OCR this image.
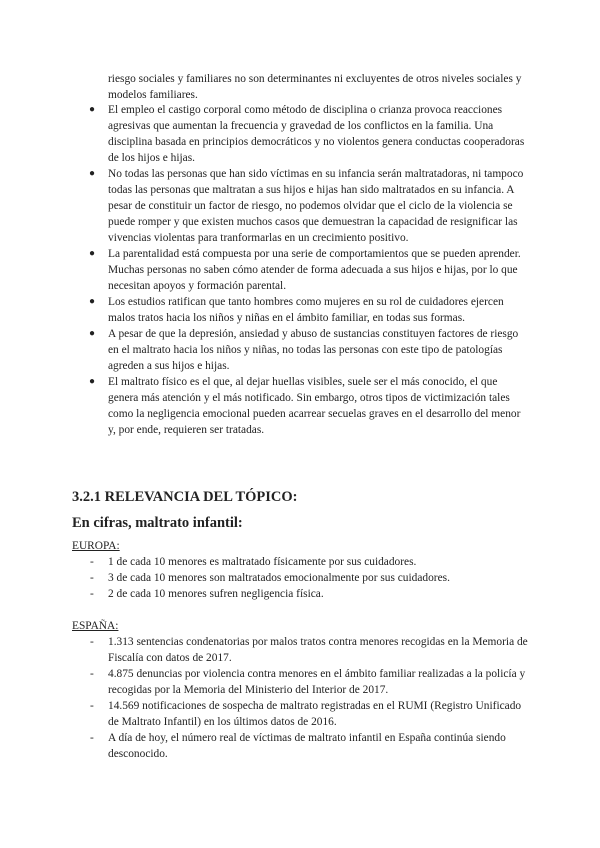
riesgo sociales y familiares no son determinantes ni excluyentes de otros niveles sociales y modelos familiares.

● El empleo el castigo corporal como método de disciplina o crianza provoca reacciones agresivas que aumentan la frecuencia y gravedad de los conflictos en la familia. Una disciplina basada en principios democráticos y no violentos genera conductas cooperadoras de los hijos e hijas.
● No todas las personas que han sido víctimas en su infancia serán maltratadoras, ni tampoco todas las personas que maltratan a sus hijos e hijas han sido maltratados en su infancia. A pesar de constituir un factor de riesgo, no podemos olvidar que el ciclo de la violencia se puede romper y que existen muchos casos que demuestran la capacidad de resignificar las vivencias violentas para tranformarlas en un crecimiento positivo.
● La parentalidad está compuesta por una serie de comportamientos que se pueden aprender. Muchas personas no saben cómo atender de forma adecuada a sus hijos e hijas, por lo que necesitan apoyos y formación parental.
● Los estudios ratifican que tanto hombres como mujeres en su rol de cuidadores ejercen malos tratos hacia los niños y niñas en el ámbito familiar, en todas sus formas.
● A pesar de que la depresión, ansiedad y abuso de sustancias constituyen factores de riesgo en el maltrato hacia los niños y niñas, no todas las personas con este tipo de patologías agreden a sus hijos e hijas.
● El maltrato físico es el que, al dejar huellas visibles, suele ser el más conocido, el que genera más atención y el más notificado. Sin embargo, otros tipos de victimización tales como la negligencia emocional pueden acarrear secuelas graves en el desarrollo del menor y, por ende, requieren ser tratadas.
3.2.1 RELEVANCIA DEL TÓPICO:
En cifras, maltrato infantil:

EUROPA:

- 1 de cada 10 menores es maltratado físicamente por sus cuidadores.
- 3 de cada 10 menores son maltratados emocionalmente por sus cuidadores.
- 2 de cada 10 menores sufren negligencia física.

ESPAÑA:

- 1.313 sentencias condenatorias por malos tratos contra menores recogidas en la Memoria de Fiscalía con datos de 2017.
- 4.875 denuncias por violencia contra menores en el ámbito familiar realizadas a la policía y recogidas por la Memoria del Ministerio del Interior de 2017.
- 14.569 notificaciones de sospecha de maltrato registradas en el RUMI (Registro Unificado de Maltrato Infantil) en los últimos datos de 2016.
- A día de hoy, el número real de víctimas de maltrato infantil en España continúa siendo desconocido.
